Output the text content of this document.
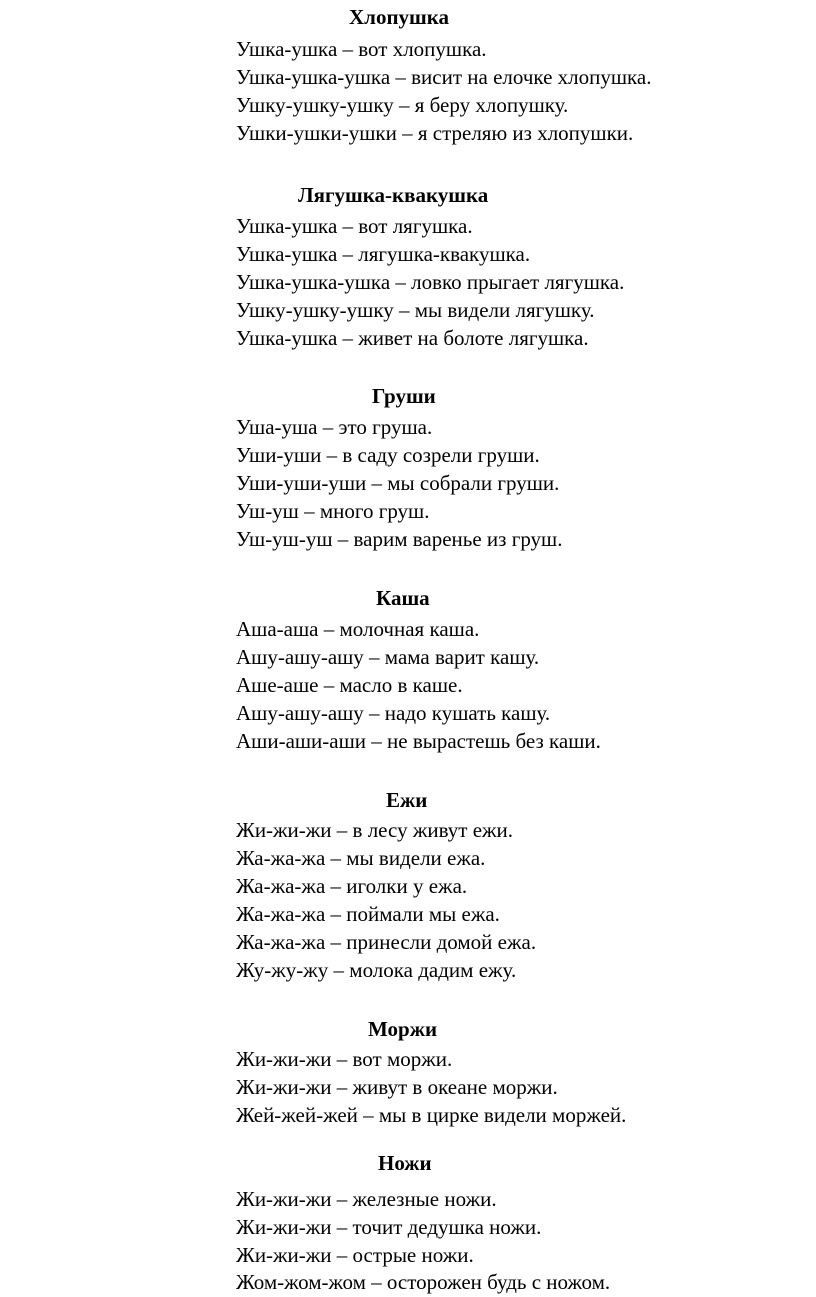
Хлопушка
Ушка-ушка – вот хлопушка.
Ушка-ушка-ушка – висит на елочке хлопушка.
Ушку-ушку-ушку – я беру хлопушку.
Ушки-ушки-ушки – я стреляю из хлопушки.
Лягушка-квакушка
Ушка-ушка – вот лягушка.
Ушка-ушка – лягушка-квакушка.
Ушка-ушка-ушка – ловко прыгает лягушка.
Ушку-ушку-ушку – мы видели лягушку.
Ушка-ушка – живет на болоте лягушка.
Груши
Уша-уша – это груша.
Уши-уши – в саду созрели груши.
Уши-уши-уши – мы собрали груши.
Уш-уш – много груш.
Уш-уш-уш – варим варенье из груш.
Каша
Аша-аша – молочная каша.
Ашу-ашу-ашу – мама варит кашу.
Аше-аше – масло в каше.
Ашу-ашу-ашу – надо кушать кашу.
Аши-аши-аши – не вырастешь без каши.
Ежи
Жи-жи-жи – в лесу живут ежи.
Жа-жа-жа – мы видели ежа.
Жа-жа-жа – иголки у ежа.
Жа-жа-жа – поймали мы ежа.
Жа-жа-жа – принесли домой ежа.
Жу-жу-жу – молока дадим ежу.
Моржи
Жи-жи-жи – вот моржи.
Жи-жи-жи – живут в океане моржи.
Жей-жей-жей – мы в цирке видели моржей.
Ножи
Жи-жи-жи – железные ножи.
Жи-жи-жи – точит дедушка ножи.
Жи-жи-жи – острые ножи.
Жом-жом-жом – осторожен будь с ножом.
